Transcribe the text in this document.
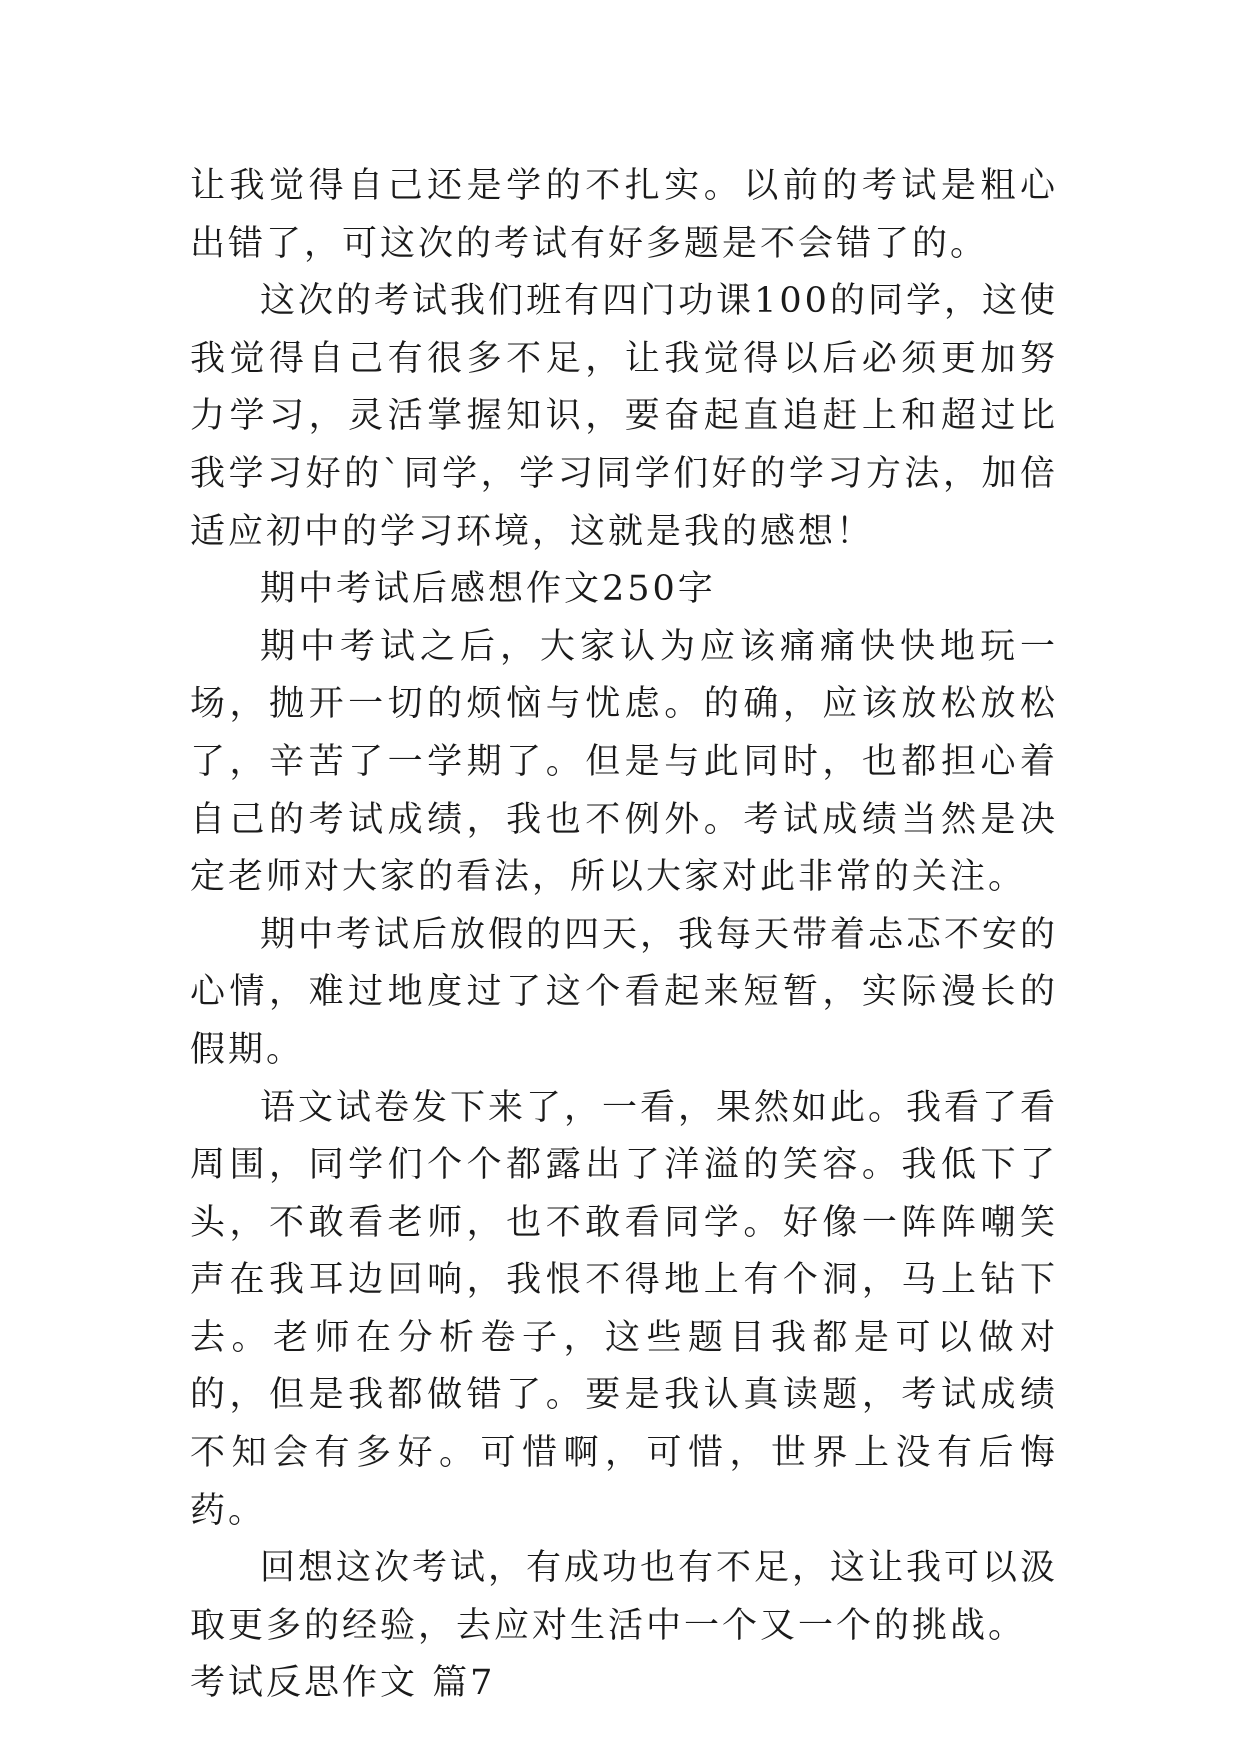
让我觉得自己还是学的不扎实。以前的考试是粗心出错了，可这次的考试有好多题是不会错了的。

这次的考试我们班有四门功课100的同学，这使我觉得自己有很多不足，让我觉得以后必须更加努力学习，灵活掌握知识，要奋起直追赶上和超过比我学习好的`同学，学习同学们好的学习方法，加倍适应初中的学习环境，这就是我的感想！

期中考试后感想作文250字

期中考试之后，大家认为应该痛痛快快地玩一场，抛开一切的烦恼与忧虑。的确，应该放松放松了，辛苦了一学期了。但是与此同时，也都担心着自己的考试成绩，我也不例外。考试成绩当然是决定老师对大家的看法，所以大家对此非常的关注。

期中考试后放假的四天，我每天带着忐忑不安的心情，难过地度过了这个看起来短暂，实际漫长的假期。

语文试卷发下来了，一看，果然如此。我看了看周围，同学们个个都露出了洋溢的笑容。我低下了头，不敢看老师，也不敢看同学。好像一阵阵嘲笑声在我耳边回响，我恨不得地上有个洞，马上钻下去。老师在分析卷子，这些题目我都是可以做对的，但是我都做错了。要是我认真读题，考试成绩不知会有多好。可惜啊，可惜，世界上没有后悔药。

回想这次考试，有成功也有不足，这让我可以汲取更多的经验，去应对生活中一个又一个的挑战。

考试反思作文 篇7
